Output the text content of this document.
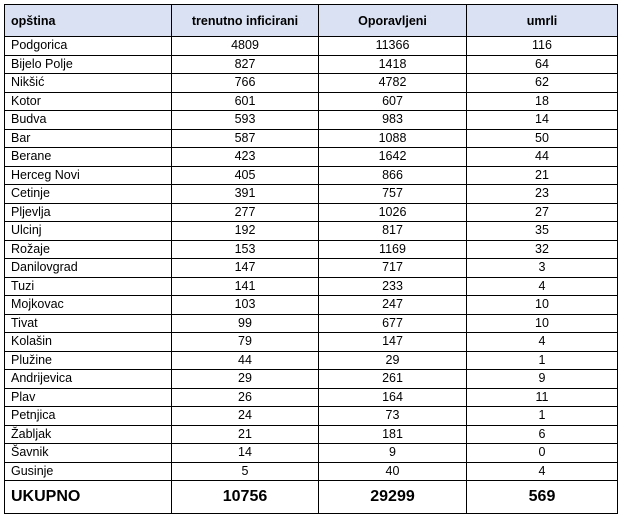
opština	trenutno inficirani	Oporavljeni	umrli
Podgorica	4809	11366	116
Bijelo Polje	827	1418	64
Nikšić	766	4782	62
Kotor	601	607	18
Budva	593	983	14
Bar	587	1088	50
Berane	423	1642	44
Herceg Novi	405	866	21
Cetinje	391	757	23
Pljevlja	277	1026	27
Ulcinj	192	817	35
Rožaje	153	1169	32
Danilovgrad	147	717	3
Tuzi	141	233	4
Mojkovac	103	247	10
Tivat	99	677	10
Kolašin	79	147	4
Plužine	44	29	1
Andrijevica	29	261	9
Plav	26	164	11
Petnjica	24	73	1
Žabljak	21	181	6
Šavnik	14	9	0
Gusinje	5	40	4
UKUPNO	10756	29299	569
